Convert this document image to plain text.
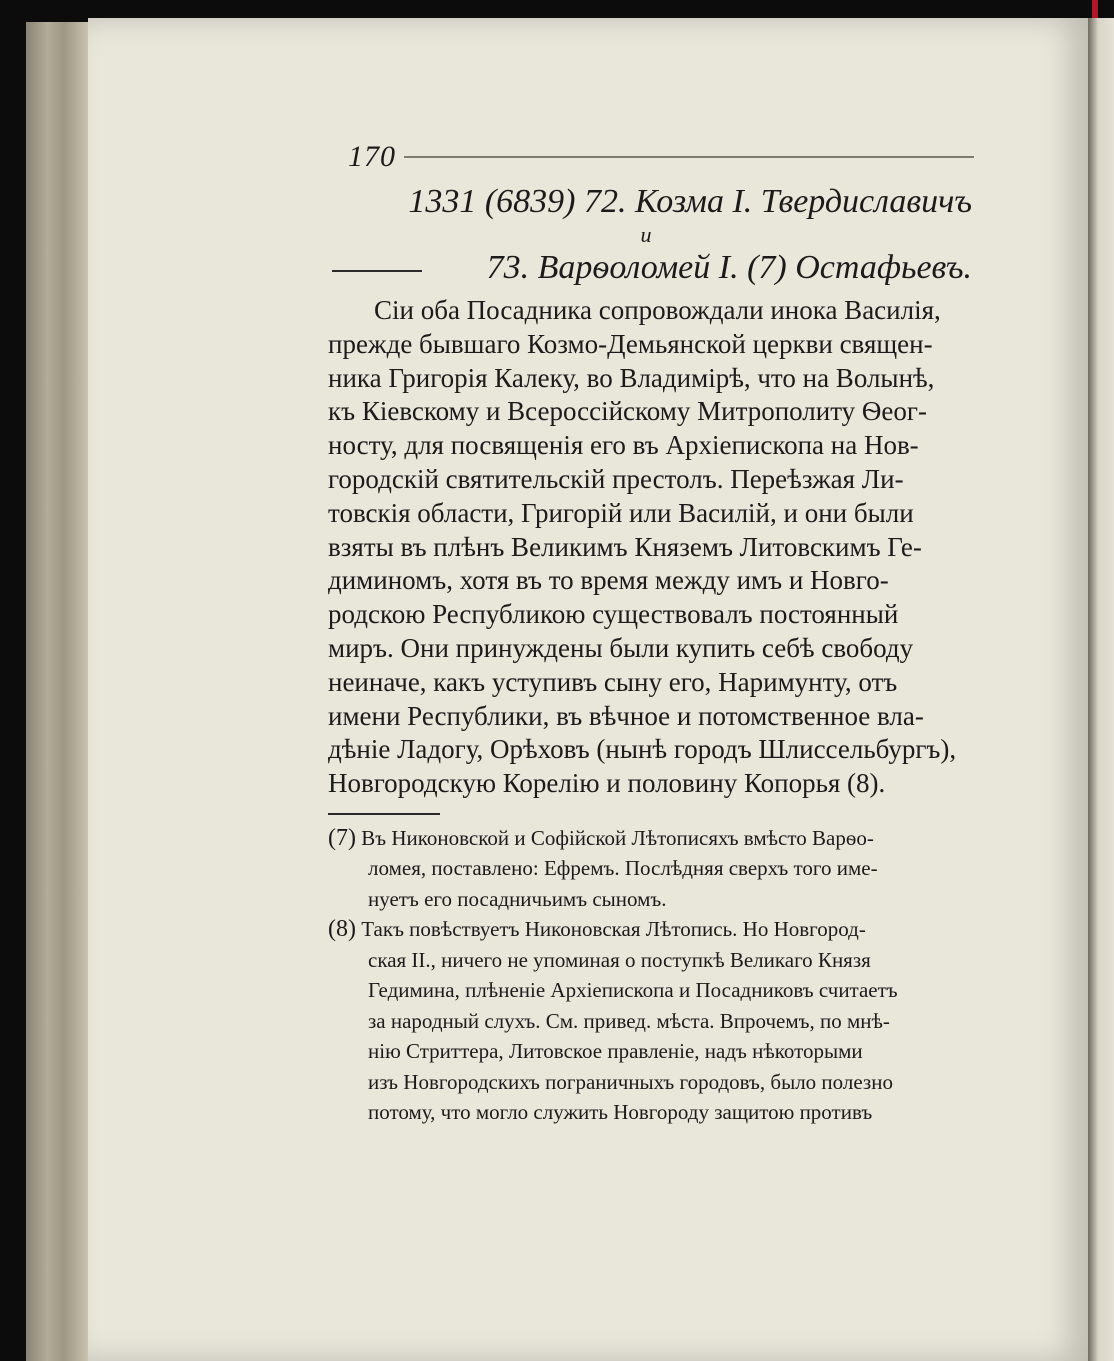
170
1331 (6839) 72. Козма I. Твердиславичъ
и
73. Варѳоломей I. (7) Остафьевъ.
Сiи оба Посадника сопровождали инока Василія,
прежде бывшаго Козмо-Демьянской церкви священ-
ника Григорія Калеку, во Владимірѣ, что на Волынѣ,
къ Кіевскому и Всероссійскому Митрополиту Ѳеог-
носту, для посвященія его въ Архіепископа на Нов-
городскій святительскій престолъ. Переѣзжая Ли-
товскія области, Григорій или Василій, и они были
взяты въ плѣнъ Великимъ Княземъ Литовскимъ Ге-
диминомъ, хотя въ то время между имъ и Новго-
родскою Республикою существовалъ постоянный
миръ. Они принуждены были купить себѣ свободу
неиначе, какъ уступивъ сыну его, Наримунту, отъ
имени Республики, въ вѣчное и потомственное вла-
дѣніе Ладогу, Орѣховъ (нынѣ городъ Шлиссельбургъ),
Новгородскую Корелію и половину Копорья (8).
(7) Въ Никоновской и Софійской Лѣтописяхъ вмѣсто Варѳо-
ломея, поставлено: Ефремъ. Послѣдняя сверхъ того име-
нуетъ его посадничьимъ сыномъ.
(8) Такъ повѣствуетъ Никоновская Лѣтопись. Но Новгород-
ская II., ничего не упоминая о поступкѣ Великаго Князя
Гедимина, плѣненіе Архіепископа и Посадниковъ считаетъ
за народный слухъ. См. привед. мѣста. Впрочемъ, по мнѣ-
нію Стриттера, Литовское правленіе, надъ нѣкоторыми
изъ Новгородскихъ пограничныхъ городовъ, было полезно
потому, что могло служить Новгороду защитою противъ
